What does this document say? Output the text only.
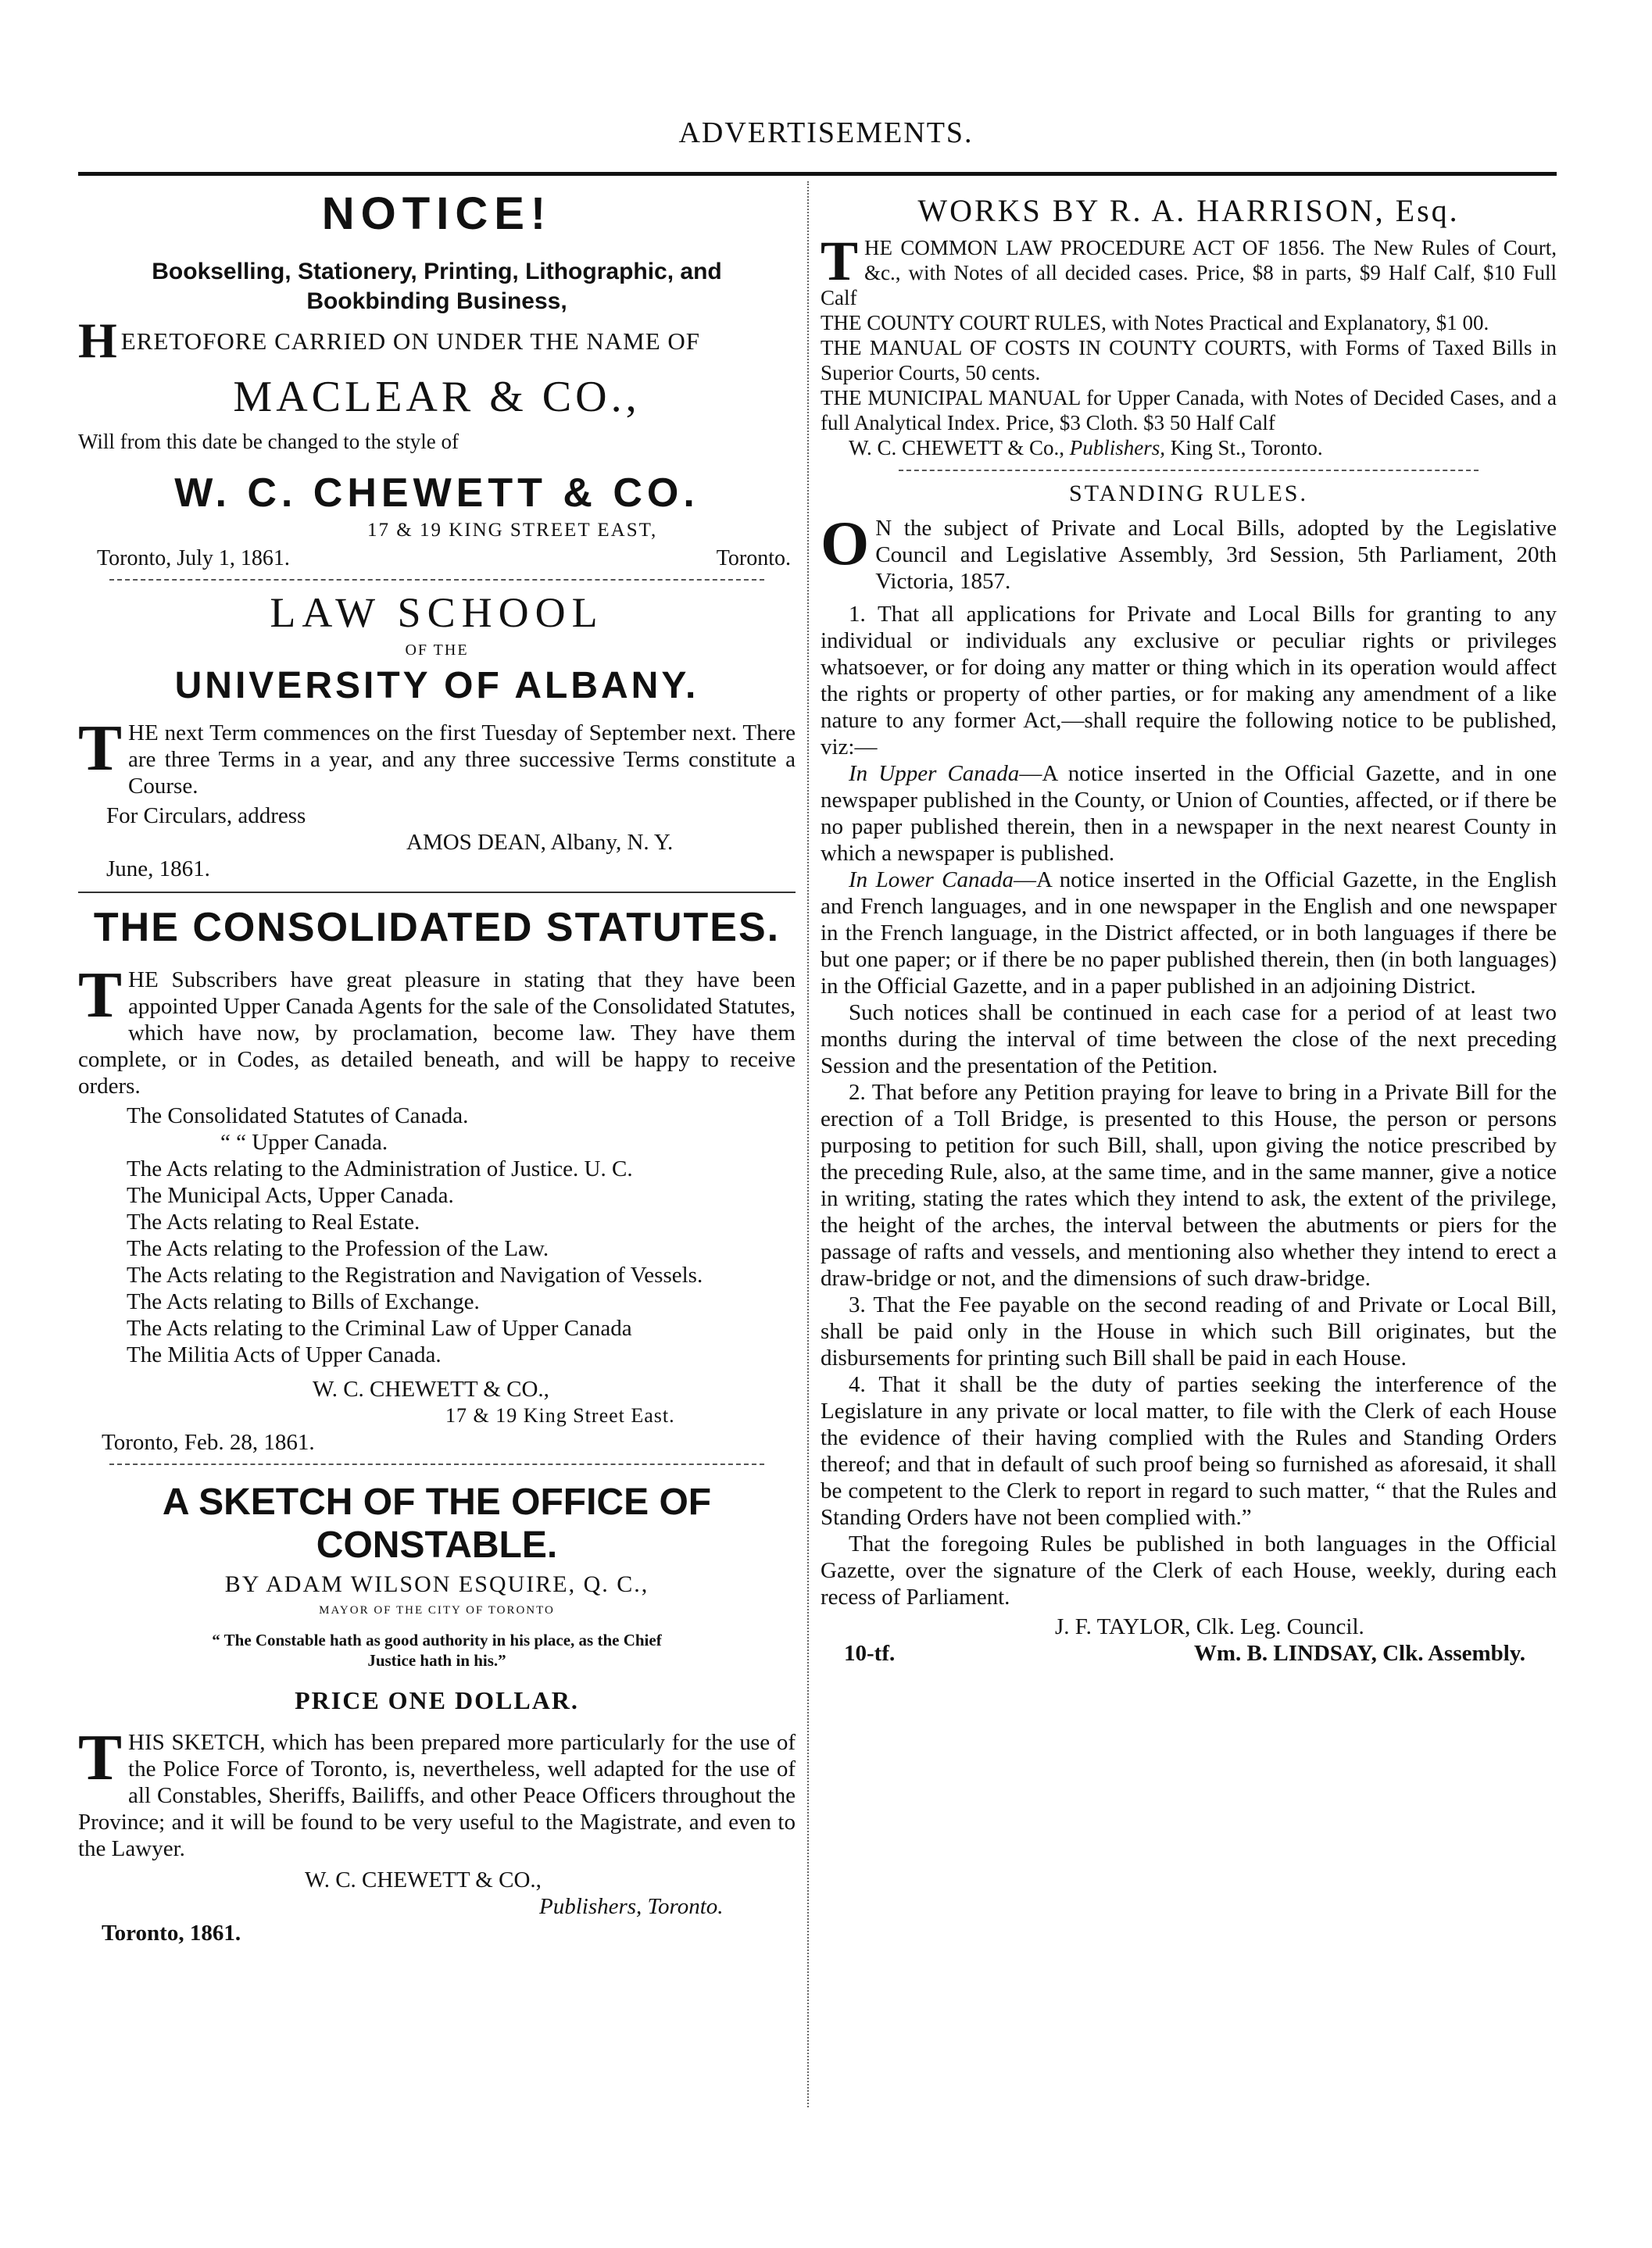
ADVERTISEMENTS.
NOTICE!
Bookselling, Stationery, Printing, Lithographic, and Bookbinding Business,
HERETOFORE CARRIED ON UNDER THE NAME OF
MACLEAR & CO.,
Will from this date be changed to the style of
W. C. CHEWETT & CO.
17 & 19 KING STREET EAST,
Toronto, July 1, 1861.	Toronto.
LAW SCHOOL
OF THE
UNIVERSITY OF ALBANY.
THE next Term commences on the first Tuesday of September next. There are three Terms in a year, and any three successive Terms constitute a Course.
For Circulars, address
AMOS DEAN, Albany, N. Y.
June, 1861.
THE CONSOLIDATED STATUTES.
THE Subscribers have great pleasure in stating that they have been appointed Upper Canada Agents for the sale of the Consolidated Statutes, which have now, by proclamation, become law. They have them complete, or in Codes, as detailed beneath, and will be happy to receive orders.
The Consolidated Statutes of Canada.
“ “ Upper Canada.
The Acts relating to the Administration of Justice. U. C.
The Municipal Acts, Upper Canada.
The Acts relating to Real Estate.
The Acts relating to the Profession of the Law.
The Acts relating to the Registration and Navigation of Vessels.
The Acts relating to Bills of Exchange.
The Acts relating to the Criminal Law of Upper Canada
The Militia Acts of Upper Canada.
W. C. CHEWETT & CO.,
17 & 19 King Street East.
Toronto, Feb. 28, 1861.
A SKETCH OF THE OFFICE OF CONSTABLE.
BY ADAM WILSON ESQUIRE, Q. C.,
MAYOR OF THE CITY OF TORONTO
“ The Constable hath as good authority in his place, as the Chief Justice hath in his.”
PRICE ONE DOLLAR.
THIS SKETCH, which has been prepared more particularly for the use of the Police Force of Toronto, is, nevertheless, well adapted for the use of all Constables, Sheriffs, Bailiffs, and other Peace Officers throughout the Province; and it will be found to be very useful to the Magistrate, and even to the Lawyer.
W. C. CHEWETT & CO.,
Publishers, Toronto.
Toronto, 1861.
WORKS BY R. A. HARRISON, Esq.
THE COMMON LAW PROCEDURE ACT OF 1856. The New Rules of Court, &c., with Notes of all decided cases. Price, $8 in parts, $9 Half Calf, $10 Full Calf
THE COUNTY COURT RULES, with Notes Practical and Explanatory, $1 00.
THE MANUAL OF COSTS IN COUNTY COURTS, with Forms of Taxed Bills in Superior Courts, 50 cents.
THE MUNICIPAL MANUAL for Upper Canada, with Notes of Decided Cases, and a full Analytical Index. Price, $3 Cloth. $3 50 Half Calf
W. C. CHEWETT & Co., Publishers, King St., Toronto.
STANDING RULES.
O N the subject of Private and Local Bills, adopted by the Legislative Council and Legislative Assembly, 3rd Session, 5th Parliament, 20th Victoria, 1857.
1. That all applications for Private and Local Bills for granting to any individual or individuals any exclusive or peculiar rights or privileges whatsoever, or for doing any matter or thing which in its operation would affect the rights or property of other parties, or for making any amendment of a like nature to any former Act,—shall require the following notice to be published, viz:—
In Upper Canada—A notice inserted in the Official Gazette, and in one newspaper published in the County, or Union of Counties, affected, or if there be no paper published therein, then in a newspaper in the next nearest County in which a newspaper is published.
In Lower Canada—A notice inserted in the Official Gazette, in the English and French languages, and in one newspaper in the English and one newspaper in the French language, in the District affected, or in both languages if there be but one paper; or if there be no paper published therein, then (in both languages) in the Official Gazette, and in a paper published in an adjoining District.
Such notices shall be continued in each case for a period of at least two months during the interval of time between the close of the next preceding Session and the presentation of the Petition.
2. That before any Petition praying for leave to bring in a Private Bill for the erection of a Toll Bridge, is presented to this House, the person or persons purposing to petition for such Bill, shall, upon giving the notice prescribed by the preceding Rule, also, at the same time, and in the same manner, give a notice in writing, stating the rates which they intend to ask, the extent of the privilege, the height of the arches, the interval between the abutments or piers for the passage of rafts and vessels, and mentioning also whether they intend to erect a draw-bridge or not, and the dimensions of such draw-bridge.
3. That the Fee payable on the second reading of and Private or Local Bill, shall be paid only in the House in which such Bill originates, but the disbursements for printing such Bill shall be paid in each House.
4. That it shall be the duty of parties seeking the interference of the Legislature in any private or local matter, to file with the Clerk of each House the evidence of their having complied with the Rules and Standing Orders thereof; and that in default of such proof being so furnished as aforesaid, it shall be competent to the Clerk to report in regard to such matter, “ that the Rules and Standing Orders have not been complied with.”
That the foregoing Rules be published in both languages in the Official Gazette, over the signature of the Clerk of each House, weekly, during each recess of Parliament.
J. F. TAYLOR, Clk. Leg. Council.
10-tf.	Wm. B. LINDSAY, Clk. Assembly.
